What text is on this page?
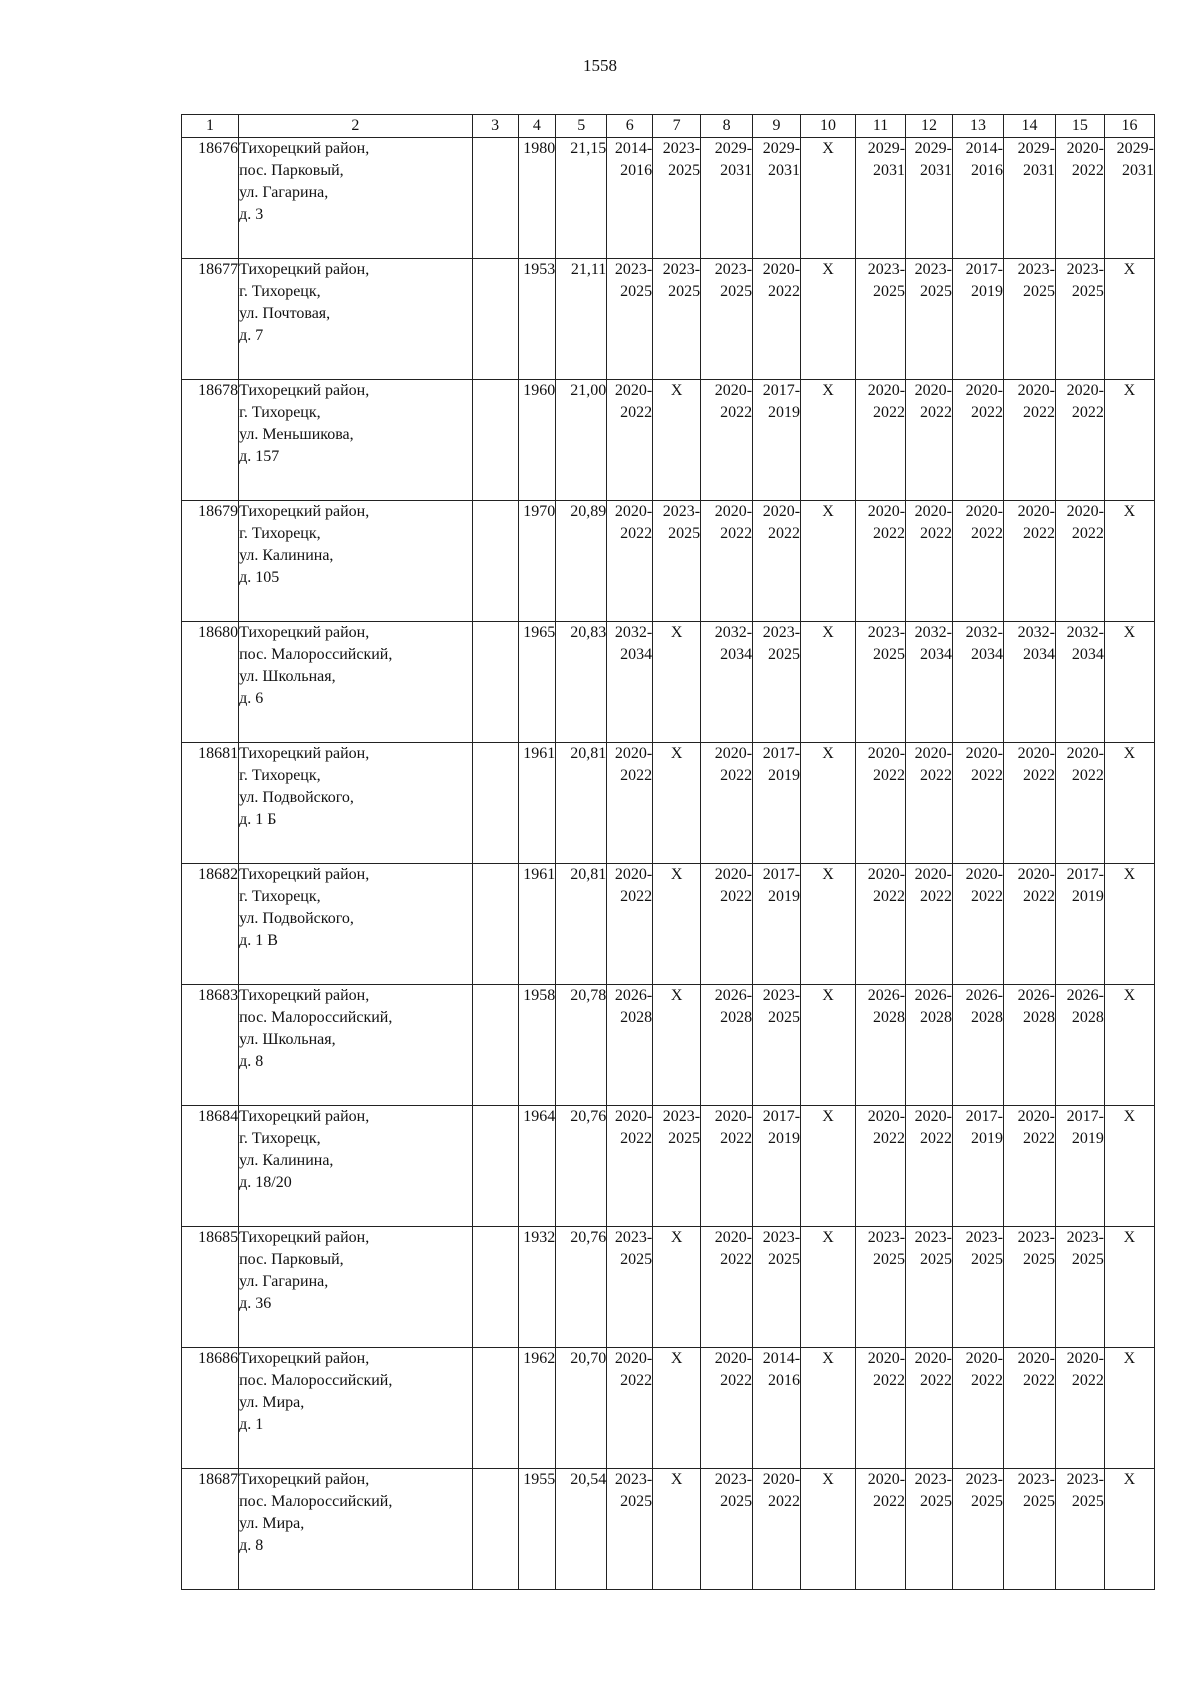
1558
1	2	3	4	5	6	7	8	9	10	11	12	13	14	15	16
18676	Тихорецкий район,
пос. Парковый,
ул. Гагарина,
д. 3		1980	21,15	2014-
2016	2023-
2025	2029-
2031	2029-
2031	X	2029-
2031	2029-
2031	2014-
2016	2029-
2031	2020-
2022	2029-
2031

18677	Тихорецкий район,
г. Тихорецк,
ул. Почтовая,
д. 7		1953	21,11	2023-
2025	2023-
2025	2023-
2025	2020-
2022	X	2023-
2025	2023-
2025	2017-
2019	2023-
2025	2023-
2025	X
18678	Тихорецкий район,
г. Тихорецк,
ул. Меньшикова,
д. 157		1960	21,00	2020-
2022	X	2020-
2022	2017-
2019	X	2020-
2022	2020-
2022	2020-
2022	2020-
2022	2020-
2022	X
18679	Тихорецкий район,
г. Тихорецк,
ул. Калинина,
д. 105		1970	20,89	2020-
2022	2023-
2025	2020-
2022	2020-
2022	X	2020-
2022	2020-
2022	2020-
2022	2020-
2022	2020-
2022	X
18680	Тихорецкий район,
пос. Малороссийский,
ул. Школьная,
д. 6		1965	20,83	2032-
2034	X	2032-
2034	2023-
2025	X	2023-
2025	2032-
2034	2032-
2034	2032-
2034	2032-
2034	X
18681	Тихорецкий район,
г. Тихорецк,
ул. Подвойского,
д. 1 Б		1961	20,81	2020-
2022	X	2020-
2022	2017-
2019	X	2020-
2022	2020-
2022	2020-
2022	2020-
2022	2020-
2022	X
18682	Тихорецкий район,
г. Тихорецк,
ул. Подвойского,
д. 1 В		1961	20,81	2020-
2022	X	2020-
2022	2017-
2019	X	2020-
2022	2020-
2022	2020-
2022	2020-
2022	2017-
2019	X
18683	Тихорецкий район,
пос. Малороссийский,
ул. Школьная,
д. 8		1958	20,78	2026-
2028	X	2026-
2028	2023-
2025	X	2026-
2028	2026-
2028	2026-
2028	2026-
2028	2026-
2028	X
18684	Тихорецкий район,
г. Тихорецк,
ул. Калинина,
д. 18/20		1964	20,76	2020-
2022	2023-
2025	2020-
2022	2017-
2019	X	2020-
2022	2020-
2022	2017-
2019	2020-
2022	2017-
2019	X
18685	Тихорецкий район,
пос. Парковый,
ул. Гагарина,
д. 36		1932	20,76	2023-
2025	X	2020-
2022	2023-
2025	X	2023-
2025	2023-
2025	2023-
2025	2023-
2025	2023-
2025	X
18686	Тихорецкий район,
пос. Малороссийский,
ул. Мира,
д. 1		1962	20,70	2020-
2022	X	2020-
2022	2014-
2016	X	2020-
2022	2020-
2022	2020-
2022	2020-
2022	2020-
2022	X
18687	Тихорецкий район,
пос. Малороссийский,
ул. Мира,
д. 8		1955	20,54	2023-
2025	X	2023-
2025	2020-
2022	X	2020-
2022	2023-
2025	2023-
2025	2023-
2025	2023-
2025	X
